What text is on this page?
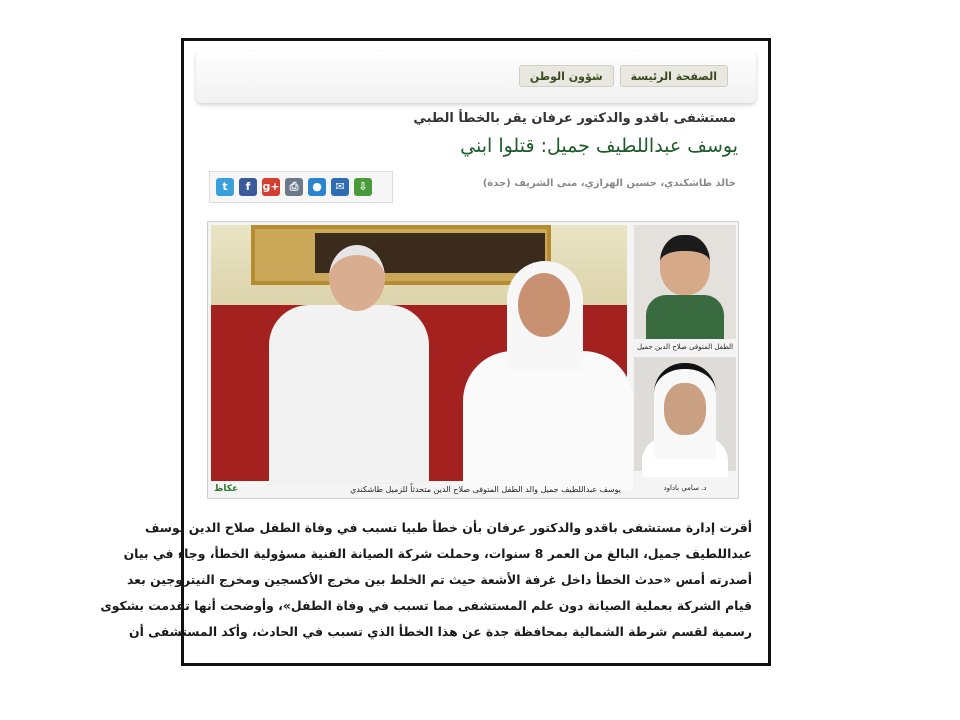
الصفحة الرئيسة
شؤون الوطن
مستشفى باقدو والدكتور عرفان يقر بالخطأ الطبي
يوسف عبداللطيف جميل: قتلوا ابني
t	f	g+ ⎙	●	✉	⇩	خالد طاشكندي، حسين الهزازي، منى الشريف (جدة)
يوسف عبداللطيف جميل والد الطفل المتوفى صلاح الدين متحدثاً للزميل طاشكندي
عكاظ
الطفل المتوفى صلاح الدين جميل
د. سامي باداود
أقرت إدارة مستشفى باقدو والدكتور عرفان بأن خطأ طبيا تسبب في وفاة الطفل صلاح الدين يوسف
عبداللطيف جميل، البالغ من العمر 8 سنوات، وحملت شركة الصيانة الفنية مسؤولية الخطأ، وجاء في بيان
أصدرته أمس «حدث الخطأ داخل غرفة الأشعة حيث تم الخلط بين مخرج الأكسجين ومخرج النيتروجين بعد
قيام الشركة بعملية الصيانة دون علم المستشفى مما تسبب في وفاة الطفل»، وأوضحت أنها تقدمت بشكوى
رسمية لقسم شرطة الشمالية بمحافظة جدة عن هذا الخطأ الذي تسبب في الحادث، وأكد المستشفى أن
